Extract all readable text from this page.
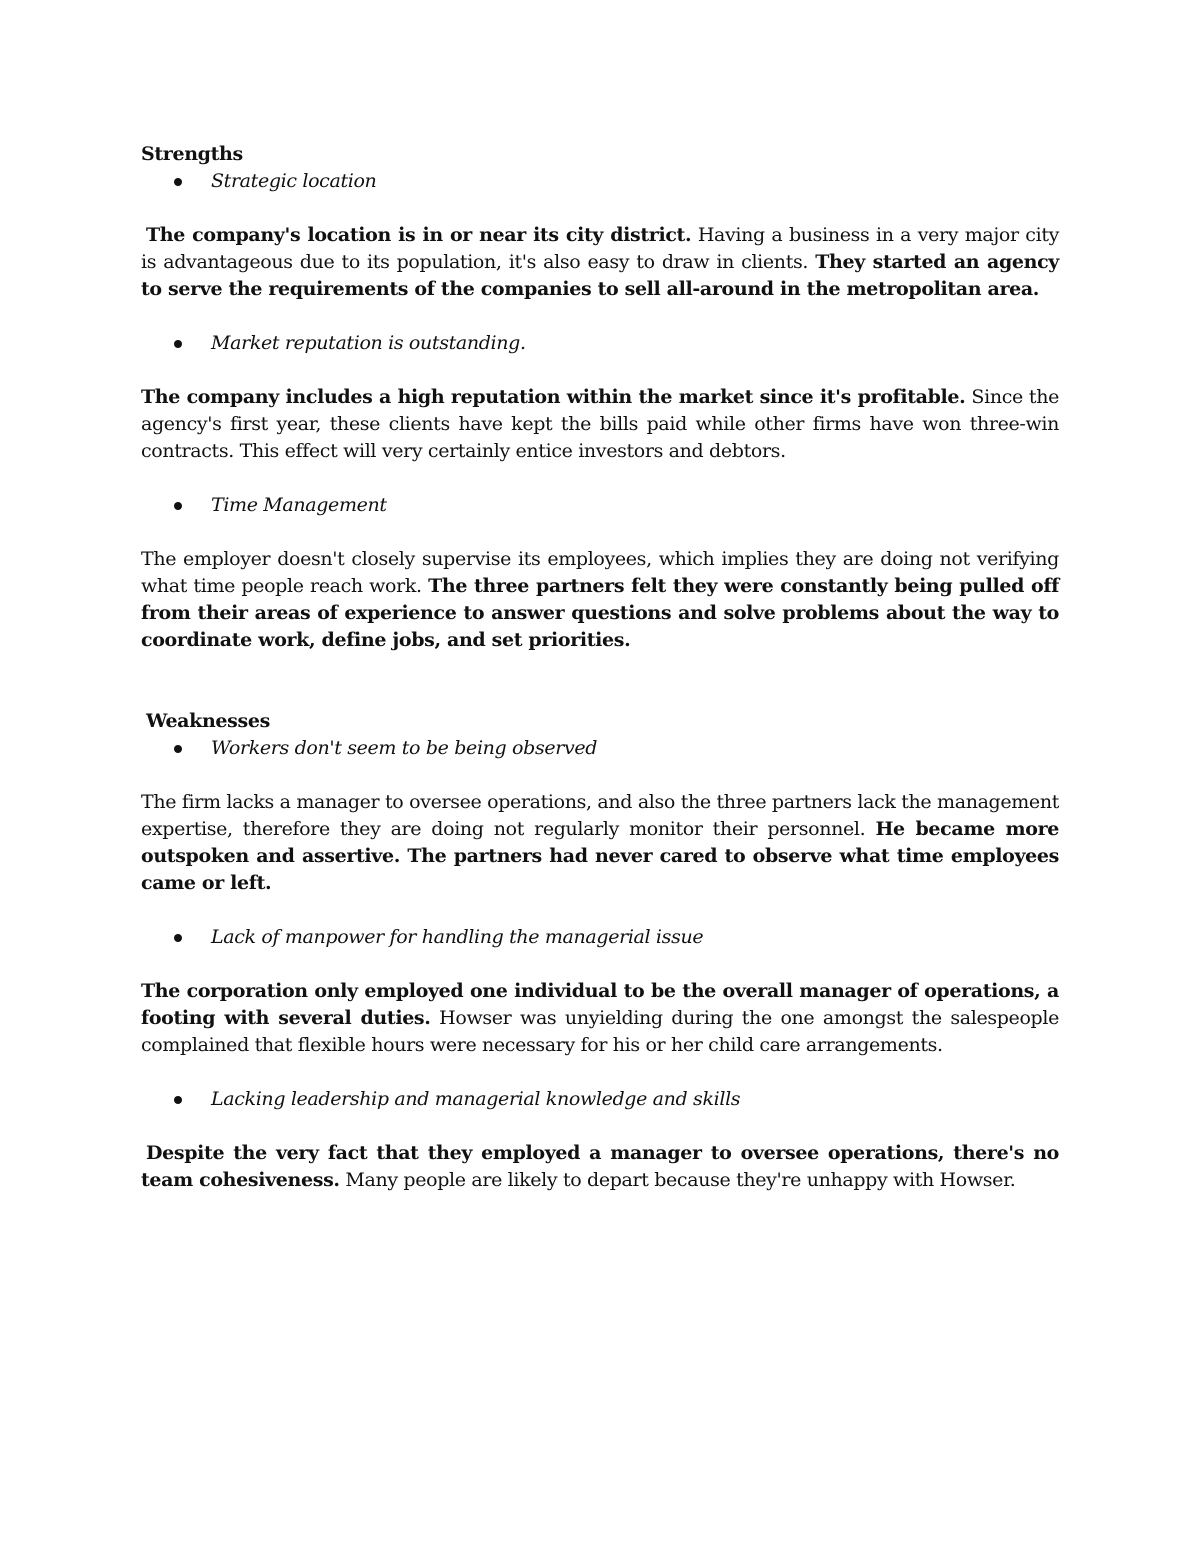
Strengths

Strategic location

The company's location is in or near its city district. Having a business in a very major city is advantageous due to its population, it's also easy to draw in clients. They started an agency to serve the requirements of the companies to sell all-around in the metropolitan area.

Market reputation is outstanding.

The company includes a high reputation within the market since it's profitable. Since the agency's first year, these clients have kept the bills paid while other firms have won three-win contracts. This effect will very certainly entice investors and debtors.

Time Management

The employer doesn't closely supervise its employees, which implies they are doing not verifying what time people reach work. The three partners felt they were constantly being pulled off from their areas of experience to answer questions and solve problems about the way to coordinate work, define jobs, and set priorities.

Weaknesses

Workers don't seem to be being observed

The firm lacks a manager to oversee operations, and also the three partners lack the management expertise, therefore they are doing not regularly monitor their personnel. He became more outspoken and assertive. The partners had never cared to observe what time employees came or left.

Lack of manpower for handling the managerial issue

The corporation only employed one individual to be the overall manager of operations, a footing with several duties. Howser was unyielding during the one amongst the salespeople complained that flexible hours were necessary for his or her child care arrangements.

Lacking leadership and managerial knowledge and skills

Despite the very fact that they employed a manager to oversee operations, there's no team cohesiveness. Many people are likely to depart because they're unhappy with Howser.
